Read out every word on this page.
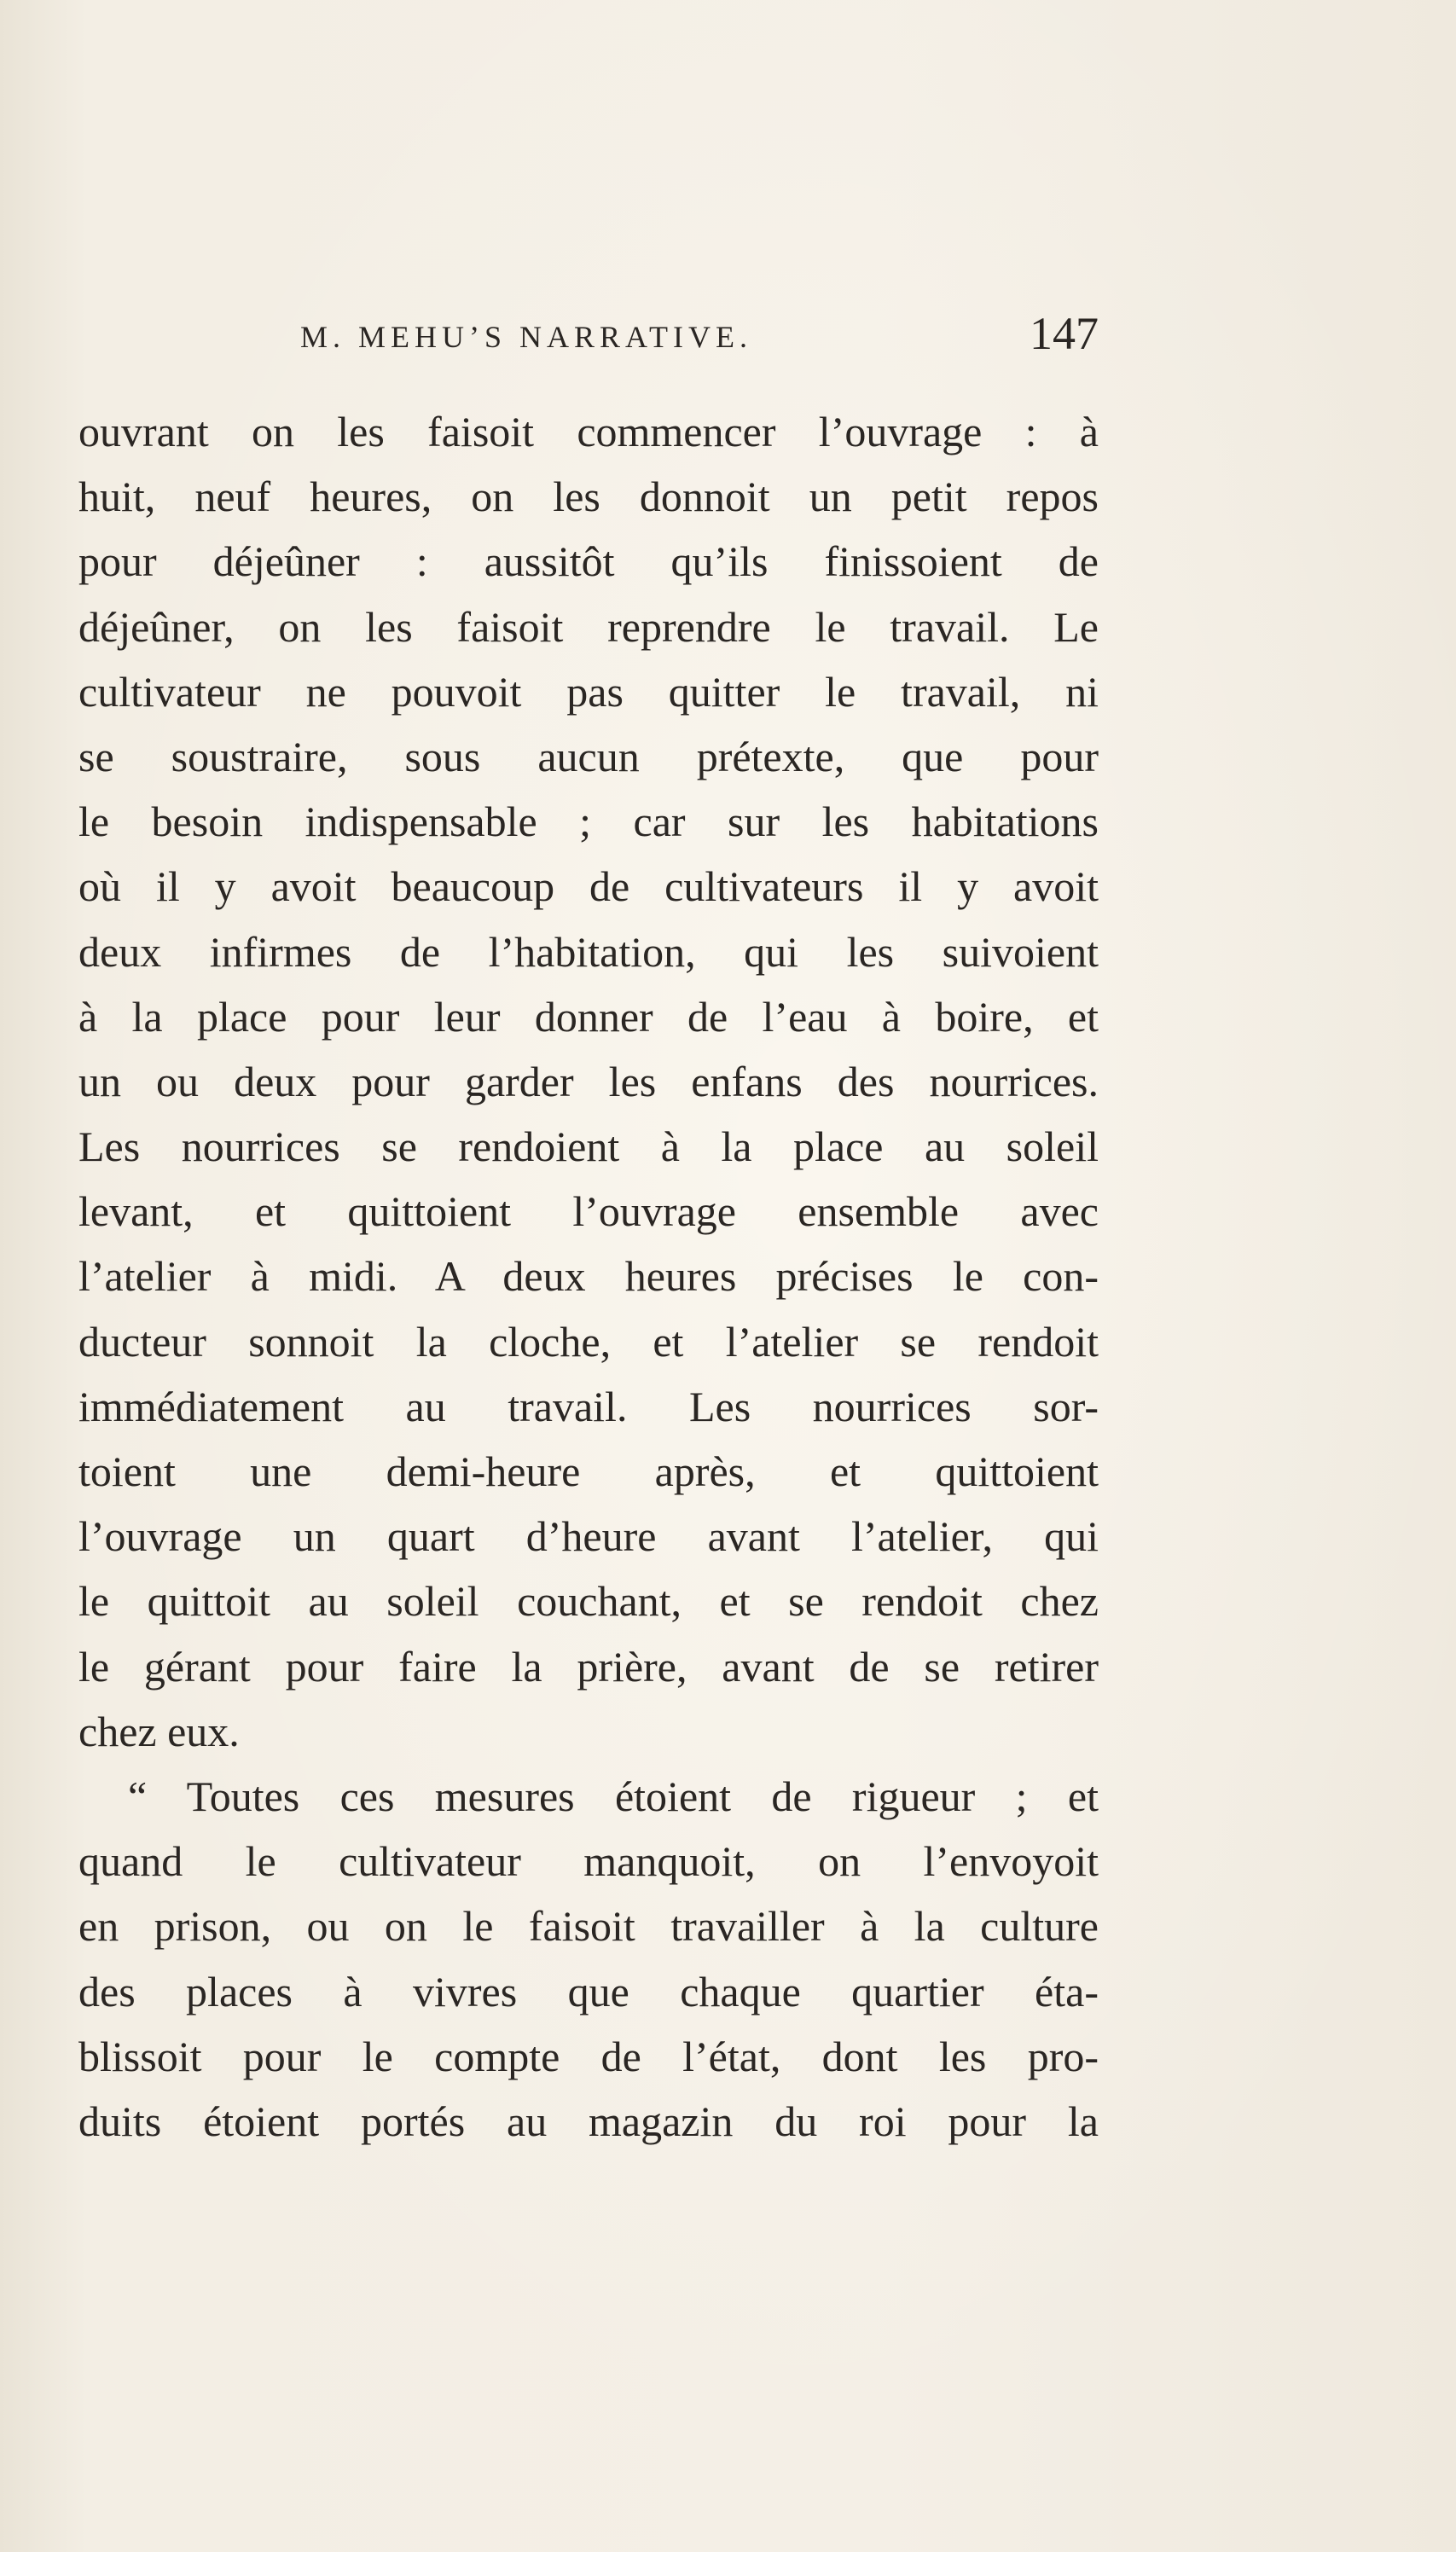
M. MEHU’S NARRATIVE.	147
ouvrant on les faisoit commencer l’ouvrage : à
huit, neuf heures, on les donnoit un petit repos
pour déjeûner : aussitôt qu’ils finissoient de
déjeûner, on les faisoit reprendre le travail. Le
cultivateur ne pouvoit pas quitter le travail, ni
se soustraire, sous aucun prétexte, que pour
le besoin indispensable ; car sur les habitations
où il y avoit beaucoup de cultivateurs il y avoit
deux infirmes de l’habitation, qui les suivoient
à la place pour leur donner de l’eau à boire, et
un ou deux pour garder les enfans des nourrices.
Les nourrices se rendoient à la place au soleil
levant, et quittoient l’ouvrage ensemble avec
l’atelier à midi. A deux heures précises le con-
ducteur sonnoit la cloche, et l’atelier se rendoit
immédiatement au travail. Les nourrices sor-
toient une demi-heure après, et quittoient
l’ouvrage un quart d’heure avant l’atelier, qui
le quittoit au soleil couchant, et se rendoit chez
le gérant pour faire la prière, avant de se retirer
chez eux.
“ Toutes ces mesures étoient de rigueur ; et
quand le cultivateur manquoit, on l’envoyoit
en prison, ou on le faisoit travailler à la culture
des places à vivres que chaque quartier éta-
blissoit pour le compte de l’état, dont les pro-
duits étoient portés au magazin du roi pour la
